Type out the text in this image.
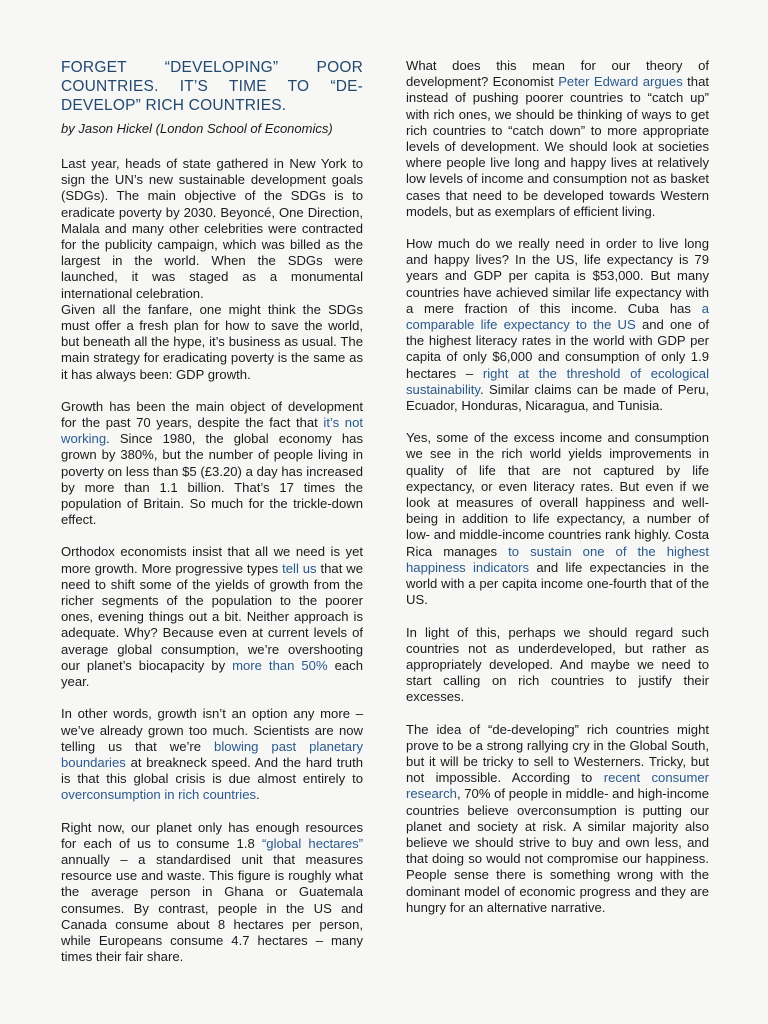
FORGET “DEVELOPING” POOR COUNTRIES. IT’S TIME TO “DE-DEVELOP” RICH COUNTRIES.
by Jason Hickel (London School of Economics)

Last year, heads of state gathered in New York to sign the UN’s new sustainable development goals (SDGs). The main objective of the SDGs is to eradicate poverty by 2030. Beyoncé, One Direction, Malala and many other celebrities were contracted for the publicity campaign, which was billed as the largest in the world. When the SDGs were launched, it was staged as a monumental international celebration.

Given all the fanfare, one might think the SDGs must offer a fresh plan for how to save the world, but beneath all the hype, it’s business as usual. The main strategy for eradicating poverty is the same as it has always been: GDP growth.

Growth has been the main object of development for the past 70 years, despite the fact that it’s not working. Since 1980, the global economy has grown by 380%, but the number of people living in poverty on less than $5 (£3.20) a day has increased by more than 1.1 billion. That’s 17 times the population of Britain. So much for the trickle-down effect.

Orthodox economists insist that all we need is yet more growth. More progressive types tell us that we need to shift some of the yields of growth from the richer segments of the population to the poorer ones, evening things out a bit. Neither approach is adequate. Why? Because even at current levels of average global consumption, we’re overshooting our planet’s biocapacity by more than 50% each year.

In other words, growth isn’t an option any more – we’ve already grown too much. Scientists are now telling us that we’re blowing past planetary boundaries at breakneck speed. And the hard truth is that this global crisis is due almost entirely to overconsumption in rich countries.

Right now, our planet only has enough resources for each of us to consume 1.8 “global hectares” annually – a standardised unit that measures resource use and waste. This figure is roughly what the average person in Ghana or Guatemala consumes. By contrast, people in the US and Canada consume about 8 hectares per person, while Europeans consume 4.7 hectares – many times their fair share.

What does this mean for our theory of development? Economist Peter Edward argues that instead of pushing poorer countries to “catch up” with rich ones, we should be thinking of ways to get rich countries to “catch down” to more appropriate levels of development. We should look at societies where people live long and happy lives at relatively low levels of income and consumption not as basket cases that need to be developed towards Western models, but as exemplars of efficient living.

How much do we really need in order to live long and happy lives? In the US, life expectancy is 79 years and GDP per capita is $53,000. But many countries have achieved similar life expectancy with a mere fraction of this income. Cuba has a comparable life expectancy to the US and one of the highest literacy rates in the world with GDP per capita of only $6,000 and consumption of only 1.9 hectares – right at the threshold of ecological sustainability. Similar claims can be made of Peru, Ecuador, Honduras, Nicaragua, and Tunisia.

Yes, some of the excess income and consumption we see in the rich world yields improvements in quality of life that are not captured by life expectancy, or even literacy rates. But even if we look at measures of overall happiness and well-being in addition to life expectancy, a number of low- and middle-income countries rank highly. Costa Rica manages to sustain one of the highest happiness indicators and life expectancies in the world with a per capita income one-fourth that of the US.

In light of this, perhaps we should regard such countries not as underdeveloped, but rather as appropriately developed. And maybe we need to start calling on rich countries to justify their excesses.

The idea of “de-developing” rich countries might prove to be a strong rallying cry in the Global South, but it will be tricky to sell to Westerners. Tricky, but not impossible. According to recent consumer research, 70% of people in middle- and high-income countries believe overconsumption is putting our planet and society at risk. A similar majority also believe we should strive to buy and own less, and that doing so would not compromise our happiness. People sense there is something wrong with the dominant model of economic progress and they are hungry for an alternative narrative.
